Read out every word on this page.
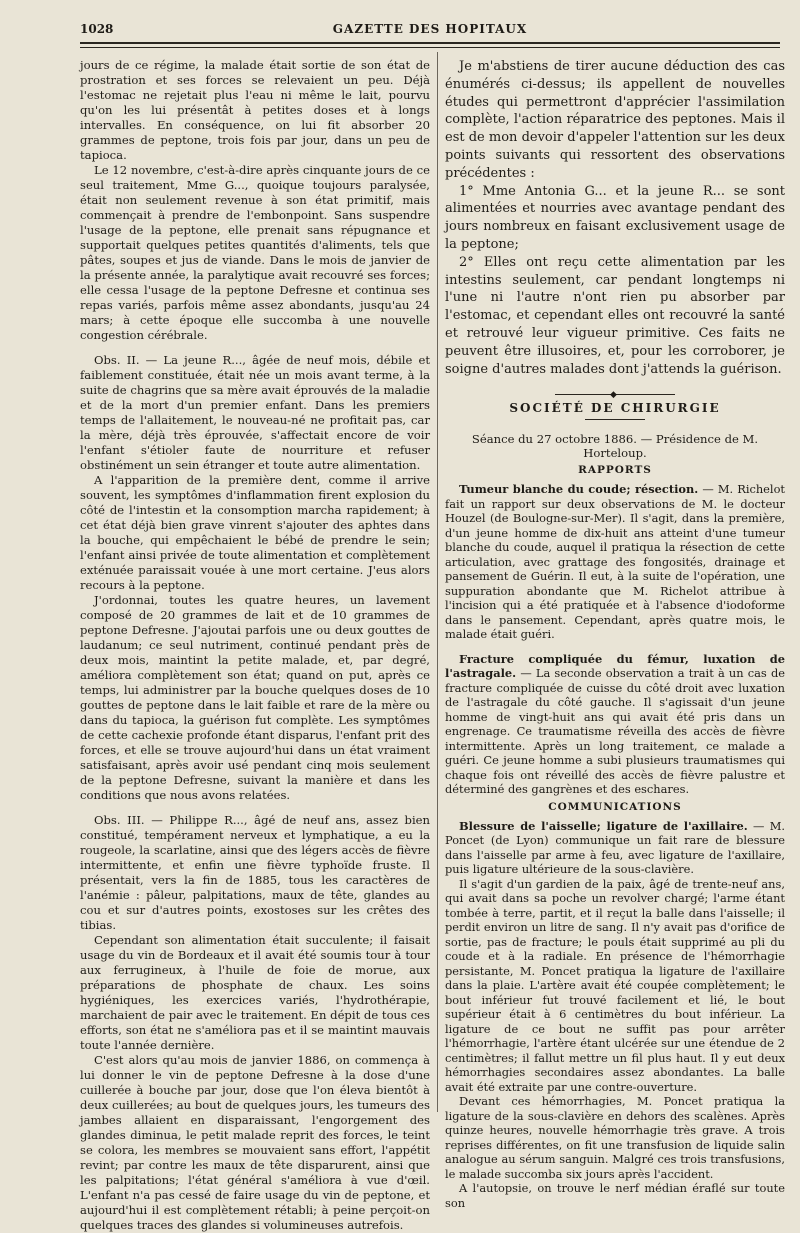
1028	GAZETTE DES HOPITAUX

jours de ce régime, la malade était sortie de son état de prostration et ses forces se relevaient un peu. Déjà l'estomac ne rejetait plus l'eau ni même le lait, pourvu qu'on les lui présentât à petites doses et à longs intervalles. En conséquence, on lui fit absorber 20 grammes de peptone, trois fois par jour, dans un peu de tapioca.

Le 12 novembre, c'est-à-dire après cinquante jours de ce seul traitement, Mme G..., quoique toujours paralysée, était non seulement revenue à son état primitif, mais commençait à prendre de l'embonpoint. Sans suspendre l'usage de la peptone, elle prenait sans répugnance et supportait quelques petites quantités d'aliments, tels que pâtes, soupes et jus de viande. Dans le mois de janvier de la présente année, la paralytique avait recouvré ses forces; elle cessa l'usage de la peptone Defresne et continua ses repas variés, parfois même assez abondants, jusqu'au 24 mars; à cette époque elle succomba à une nouvelle congestion cérébrale.

Obs. II. — La jeune R..., âgée de neuf mois, débile et faiblement constituée, était née un mois avant terme, à la suite de chagrins que sa mère avait éprouvés de la maladie et de la mort d'un premier enfant. Dans les premiers temps de l'allaitement, le nouveau-né ne profitait pas, car la mère, déjà très éprouvée, s'affectait encore de voir l'enfant s'étioler faute de nourriture et refuser obstinément un sein étranger et toute autre alimentation.

A l'apparition de la première dent, comme il arrive souvent, les symptômes d'inflammation firent explosion du côté de l'intestin et la consomption marcha rapidement; à cet état déjà bien grave vinrent s'ajouter des aphtes dans la bouche, qui empêchaient le bébé de prendre le sein; l'enfant ainsi privée de toute alimentation et complètement exténuée paraissait vouée à une mort certaine. J'eus alors recours à la peptone.

J'ordonnai, toutes les quatre heures, un lavement composé de 20 grammes de lait et de 10 grammes de peptone Defresne. J'ajoutai parfois une ou deux gouttes de laudanum; ce seul nutriment, continué pendant près de deux mois, maintint la petite malade, et, par degré, améliora complètement son état; quand on put, après ce temps, lui administrer par la bouche quelques doses de 10 gouttes de peptone dans le lait faible et rare de la mère ou dans du tapioca, la guérison fut complète. Les symptômes de cette cachexie profonde étant disparus, l'enfant prit des forces, et elle se trouve aujourd'hui dans un état vraiment satisfaisant, après avoir usé pendant cinq mois seulement de la peptone Defresne, suivant la manière et dans les conditions que nous avons relatées.

Obs. III. — Philippe R..., âgé de neuf ans, assez bien constitué, tempérament nerveux et lymphatique, a eu la rougeole, la scarlatine, ainsi que des légers accès de fièvre intermittente, et enfin une fièvre typhoïde fruste. Il présentait, vers la fin de 1885, tous les caractères de l'anémie : pâleur, palpitations, maux de tête, glandes au cou et sur d'autres points, exostoses sur les crêtes des tibias.

Cependant son alimentation était succulente; il faisait usage du vin de Bordeaux et il avait été soumis tour à tour aux ferrugineux, à l'huile de foie de morue, aux préparations de phosphate de chaux. Les soins hygiéniques, les exercices variés, l'hydrothérapie, marchaient de pair avec le traitement. En dépit de tous ces efforts, son état ne s'améliora pas et il se maintint mauvais toute l'année dernière.

C'est alors qu'au mois de janvier 1886, on commença à lui donner le vin de peptone Defresne à la dose d'une cuillerée à bouche par jour, dose que l'on éleva bientôt à deux cuillerées; au bout de quelques jours, les tumeurs des jambes allaient en disparaissant, l'engorgement des glandes diminua, le petit malade reprit des forces, le teint se colora, les membres se mouvaient sans effort, l'appétit revint; par contre les maux de tête disparurent, ainsi que les palpitations; l'état général s'améliora à vue d'œil. L'enfant n'a pas cessé de faire usage du vin de peptone, et aujourd'hui il est complètement rétabli; à peine perçoit-on quelques traces des glandes si volumineuses autrefois.

Je m'abstiens de tirer aucune déduction des cas énumérés ci-dessus; ils appellent de nouvelles études qui permettront d'apprécier l'assimilation complète, l'action réparatrice des peptones. Mais il est de mon devoir d'appeler l'attention sur les deux points suivants qui ressortent des observations précédentes :

1° Mme Antonia G... et la jeune R... se sont alimentées et nourries avec avantage pendant des jours nombreux en faisant exclusivement usage de la peptone;

2° Elles ont reçu cette alimentation par les intestins seulement, car pendant longtemps ni l'une ni l'autre n'ont rien pu absorber par l'estomac, et cependant elles ont recouvré la santé et retrouvé leur vigueur primitive. Ces faits ne peuvent être illusoires, et, pour les corroborer, je soigne d'autres malades dont j'attends la guérison.

◆
SOCIÉTÉ DE CHIRURGIE

Séance du 27 octobre 1886. — Présidence de M. Horteloup.

RAPPORTS

Tumeur blanche du coude; résection. — M. Richelot fait un rapport sur deux observations de M. le docteur Houzel (de Boulogne-sur-Mer). Il s'agit, dans la première, d'un jeune homme de dix-huit ans atteint d'une tumeur blanche du coude, auquel il pratiqua la résection de cette articulation, avec grattage des fongosités, drainage et pansement de Guérin. Il eut, à la suite de l'opération, une suppuration abondante que M. Richelot attribue à l'incision qui a été pratiquée et à l'absence d'iodoforme dans le pansement. Cependant, après quatre mois, le malade était guéri.

Fracture compliquée du fémur, luxation de l'astragale. — La seconde observation a trait à un cas de fracture compliquée de cuisse du côté droit avec luxation de l'astragale du côté gauche. Il s'agissait d'un jeune homme de vingt-huit ans qui avait été pris dans un engrenage. Ce traumatisme réveilla des accès de fièvre intermittente. Après un long traitement, ce malade a guéri. Ce jeune homme a subi plusieurs traumatismes qui chaque fois ont réveillé des accès de fièvre palustre et déterminé des gangrènes et des eschares.

COMMUNICATIONS

Blessure de l'aisselle; ligature de l'axillaire. — M. Poncet (de Lyon) communique un fait rare de blessure dans l'aisselle par arme à feu, avec ligature de l'axillaire, puis ligature ultérieure de la sous-clavière.

Il s'agit d'un gardien de la paix, âgé de trente-neuf ans, qui avait dans sa poche un revolver chargé; l'arme étant tombée à terre, partit, et il reçut la balle dans l'aisselle; il perdit environ un litre de sang. Il n'y avait pas d'orifice de sortie, pas de fracture; le pouls était supprimé au pli du coude et à la radiale. En présence de l'hémorrhagie persistante, M. Poncet pratiqua la ligature de l'axillaire dans la plaie. L'artère avait été coupée complètement; le bout inférieur fut trouvé facilement et lié, le bout supérieur était à 6 centimètres du bout inférieur. La ligature de ce bout ne suffit pas pour arrêter l'hémorrhagie, l'artère étant ulcérée sur une étendue de 2 centimètres; il fallut mettre un fil plus haut. Il y eut deux hémorrhagies secondaires assez abondantes. La balle avait été extraite par une contre-ouverture.

Devant ces hémorrhagies, M. Poncet pratiqua la ligature de la sous-clavière en dehors des scalènes. Après quinze heures, nouvelle hémorrhagie très grave. A trois reprises différentes, on fit une transfusion de liquide salin analogue au sérum sanguin. Malgré ces trois transfusions, le malade succomba six jours après l'accident.

A l'autopsie, on trouve le nerf médian éraflé sur toute son
